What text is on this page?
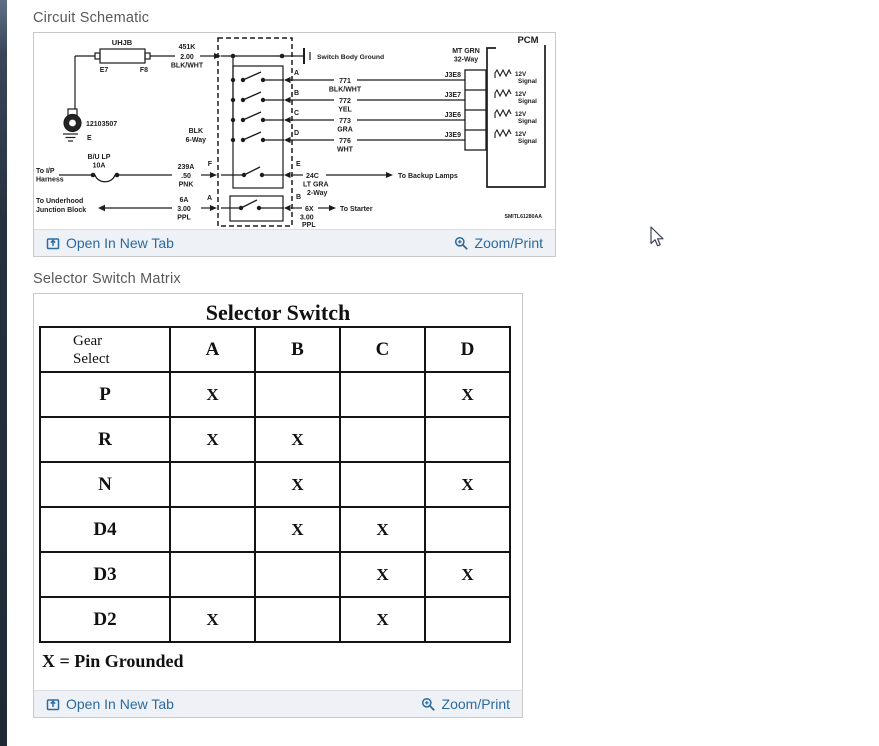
Circuit Schematic
UHJB
E7	F8
451K
2.00
BLK/WHT
12103507
E
Switch Body Ground
A
B
C
D
771
BLK/WHT
772
YEL
773
GRA
776
WHT
J3E8
J3E7
J3E6
J3E9
MT GRN
32-Way
PCM
12V
Signal
12V
Signal
12V
Signal
12V
Signal
B/U LP
10A
To I/P
Harness
239A
.50
PNK
BLK
6-Way
F	E
To Underhood
Junction Block
6A
3.00
PPL
A	B
24C
LT GRA
2-Way
To Backup Lamps
6X
3.00
PPL
To Starter
SMITL61280AA
Open In New Tab	Zoom/Print
Selector Switch Matrix
Selector Switch
Gear
Select	A	B	C	D
P	X			X
R	X	X		
N		X		X
D4		X	X	
D3			X	X
D2	X		X	
X = Pin Grounded
Open In New Tab	Zoom/Print
